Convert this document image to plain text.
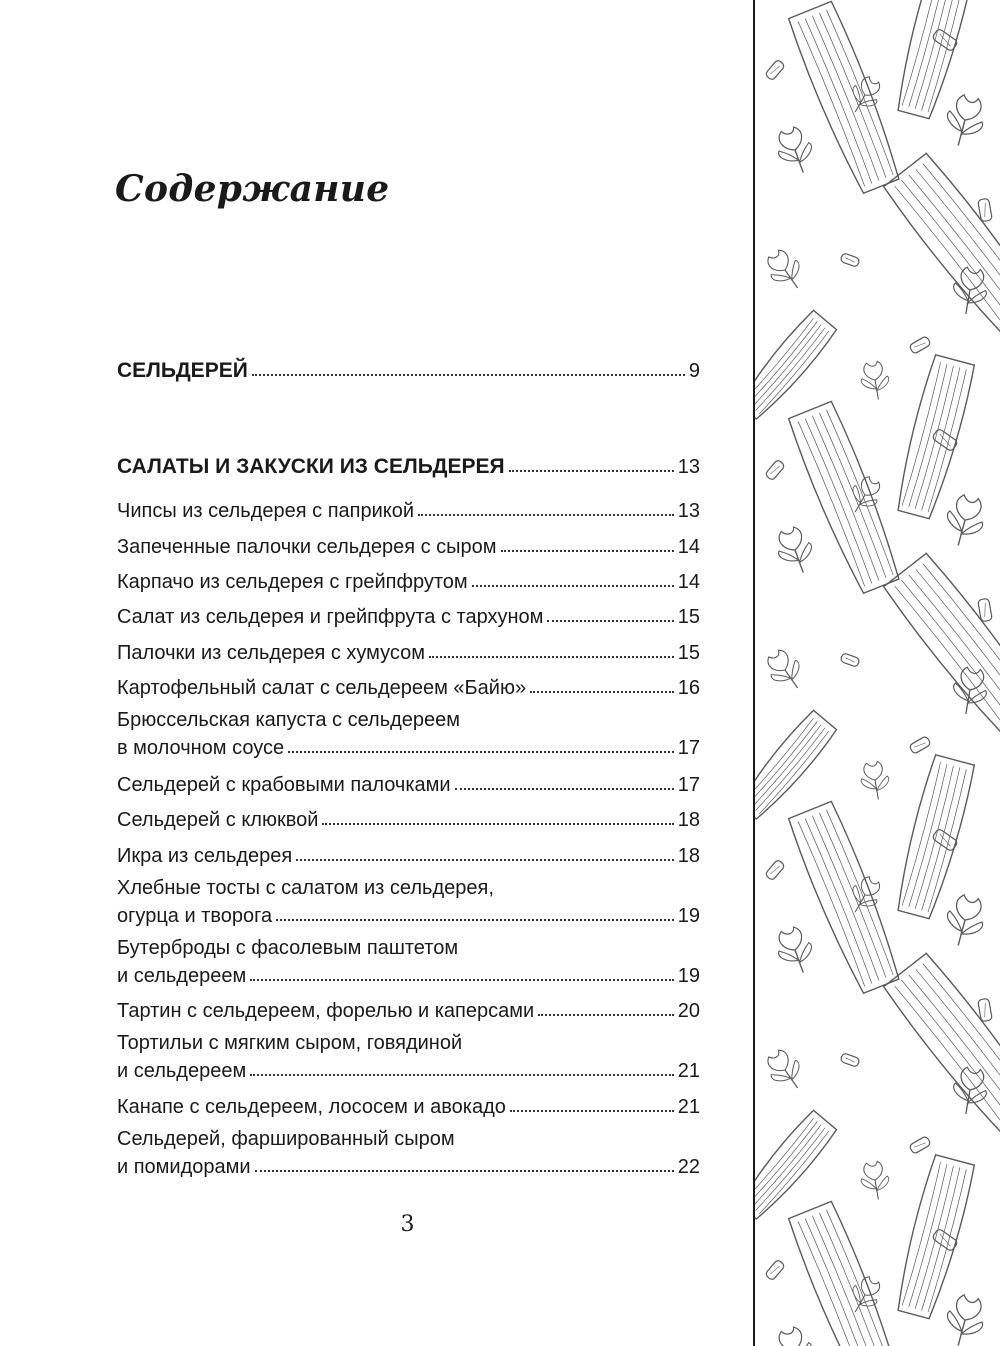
Содержание
СЕЛЬДЕРЕЙ	9
САЛАТЫ И ЗАКУСКИ ИЗ СЕЛЬДЕРЕЯ	13
Чипсы из сельдерея с паприкой	13
Запеченные палочки сельдерея с сыром	14
Карпачо из сельдерея с грейпфрутом	14
Салат из сельдерея и грейпфрута с тархуном	15
Палочки из сельдерея с хумусом	15
Картофельный салат с сельдереем «Байю»	16
Брюссельская капуста с сельдереем
в молочном соусе	17
Сельдерей с крабовыми палочками	17
Сельдерей с клюквой	18
Икра из сельдерея	18
Хлебные тосты с салатом из сельдерея,
огурца и творога	19
Бутерброды с фасолевым паштетом
и сельдереем	19
Тартин с сельдереем, форелью и каперсами	20
Тортильи с мягким сыром, говядиной
и сельдереем	21
Канапе с сельдереем, лососем и авокадо	21
Сельдерей, фаршированный сыром
и помидорами	22
3
